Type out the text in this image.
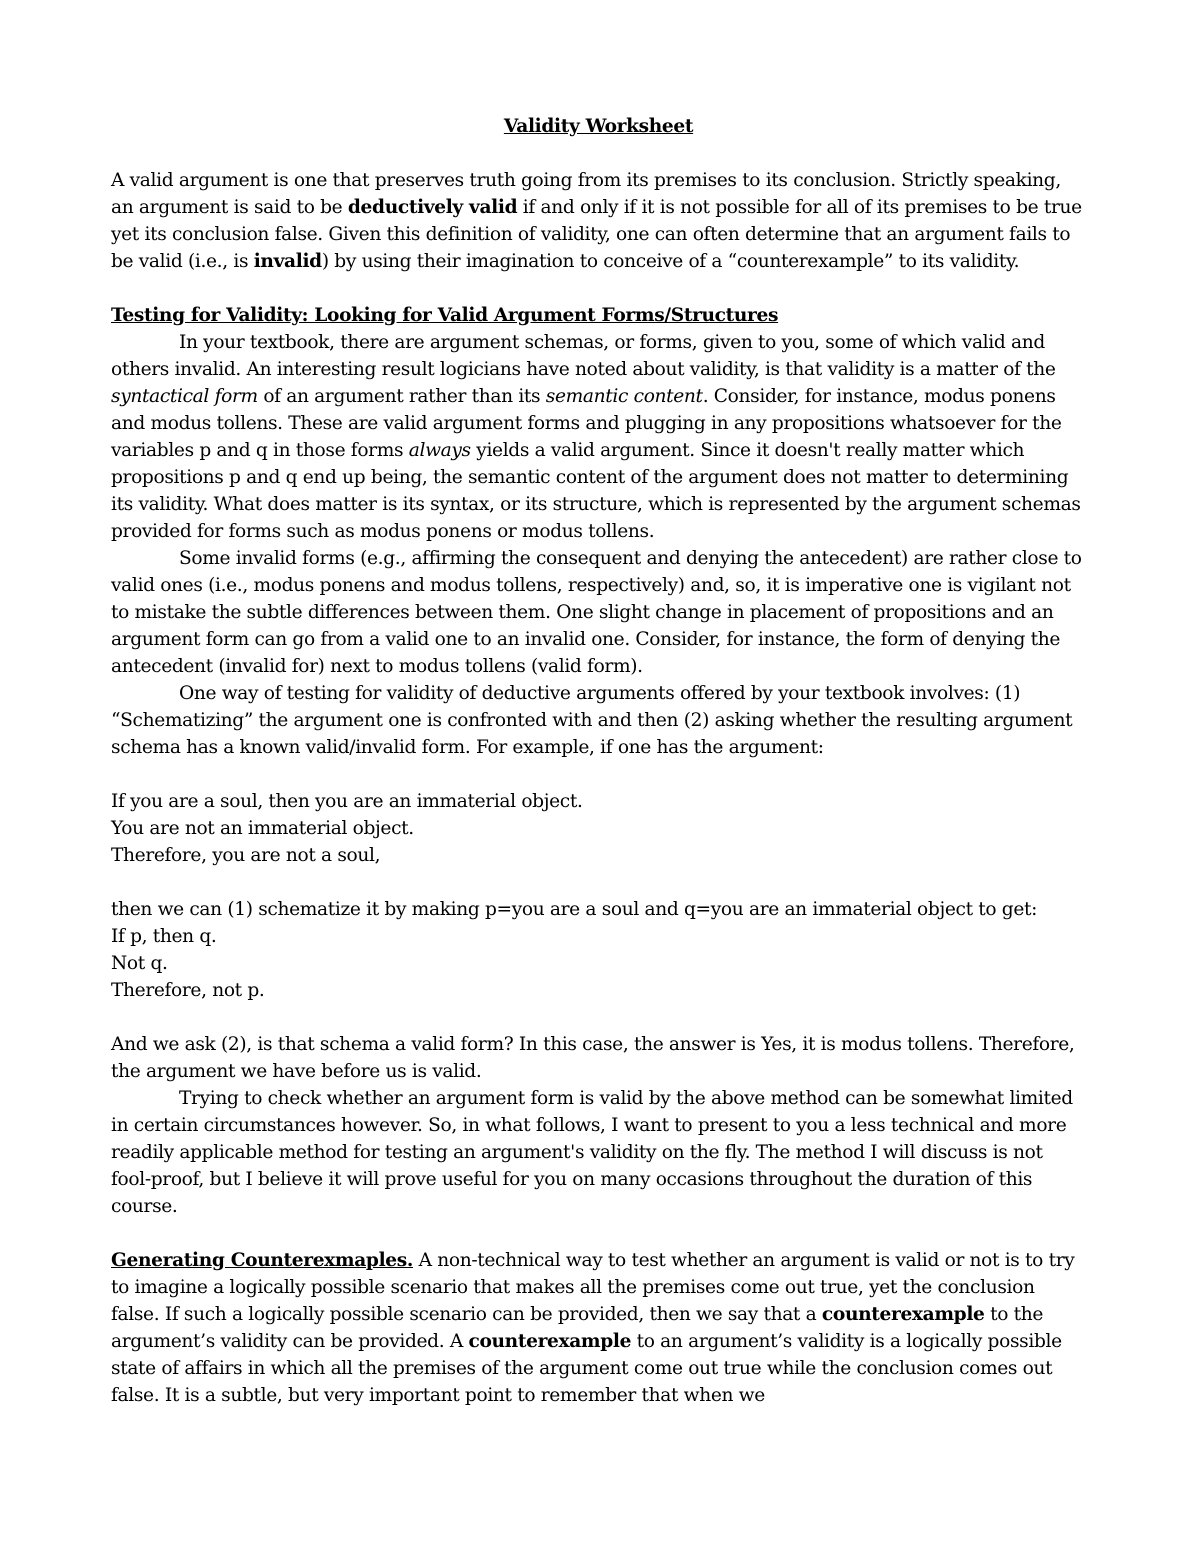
Validity Worksheet

A valid argument is one that preserves truth going from its premises to its conclusion. Strictly speaking, an argument is said to be deductively valid if and only if it is not possible for all of its premises to be true yet its conclusion false. Given this definition of validity, one can often determine that an argument fails to be valid (i.e., is invalid) by using their imagination to conceive of a “counterexample” to its validity.

Testing for Validity: Looking for Valid Argument Forms/Structures

In your textbook, there are argument schemas, or forms, given to you, some of which valid and others invalid. An interesting result logicians have noted about validity, is that validity is a matter of the syntactical form of an argument rather than its semantic content. Consider, for instance, modus ponens and modus tollens. These are valid argument forms and plugging in any propositions whatsoever for the variables p and q in those forms always yields a valid argument. Since it doesn't really matter which propositions p and q end up being, the semantic content of the argument does not matter to determining its validity. What does matter is its syntax, or its structure, which is represented by the argument schemas provided for forms such as modus ponens or modus tollens.

Some invalid forms (e.g., affirming the consequent and denying the antecedent) are rather close to valid ones (i.e., modus ponens and modus tollens, respectively) and, so, it is imperative one is vigilant not to mistake the subtle differences between them. One slight change in placement of propositions and an argument form can go from a valid one to an invalid one. Consider, for instance, the form of denying the antecedent (invalid for) next to modus tollens (valid form).

One way of testing for validity of deductive arguments offered by your textbook involves: (1) “Schematizing” the argument one is confronted with and then (2) asking whether the resulting argument schema has a known valid/invalid form. For example, if one has the argument:

If you are a soul, then you are an immaterial object.
You are not an immaterial object.
Therefore, you are not a soul,

then we can (1) schematize it by making p=you are a soul and q=you are an immaterial object to get:
If p, then q.
Not q.
Therefore, not p.

And we ask (2), is that schema a valid form? In this case, the answer is Yes, it is modus tollens. Therefore, the argument we have before us is valid.

Trying to check whether an argument form is valid by the above method can be somewhat limited in certain circumstances however. So, in what follows, I want to present to you a less technical and more readily applicable method for testing an argument's validity on the fly. The method I will discuss is not fool-proof, but I believe it will prove useful for you on many occasions throughout the duration of this course.

Generating Counterexmaples. A non-technical way to test whether an argument is valid or not is to try to imagine a logically possible scenario that makes all the premises come out true, yet the conclusion false. If such a logically possible scenario can be provided, then we say that a counterexample to the argument’s validity can be provided. A counterexample to an argument’s validity is a logically possible state of affairs in which all the premises of the argument come out true while the conclusion comes out false. It is a subtle, but very important point to remember that when we
